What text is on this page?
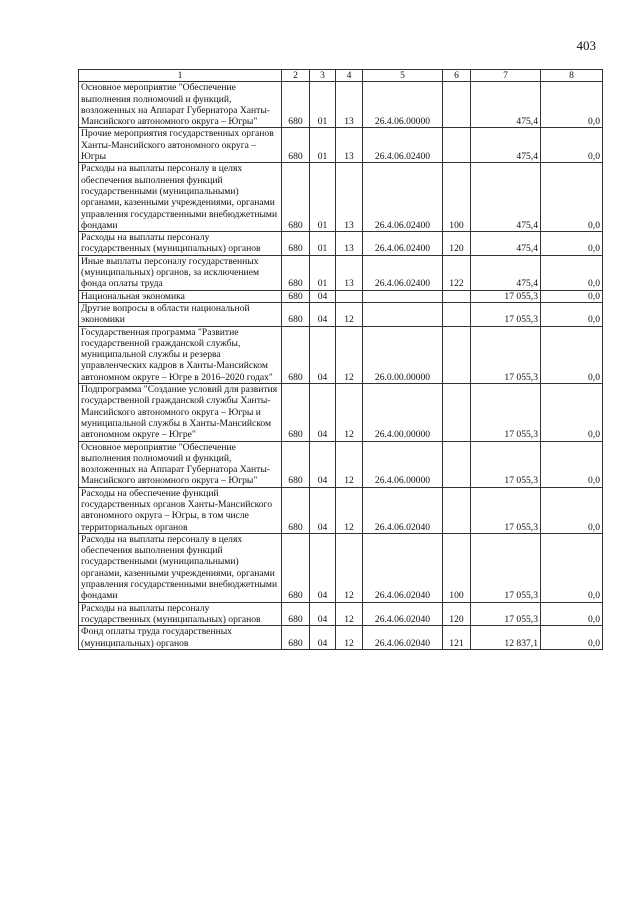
403
1	2	3	4	5	6	7	8
Основное мероприятие "Обеспечение выполнения полномочий и функций, возложенных на Аппарат Губернатора Ханты-Мансийского автономного округа – Югры"	680	01	13	26.4.06.00000		475,4	0,0
Прочие мероприятия государственных органов Ханты-Мансийского автономного округа – Югры	680	01	13	26.4.06.02400		475,4	0,0
Расходы на выплаты персоналу в целях обеспечения выполнения функций государственными (муниципальными) органами, казенными учреждениями, органами управления государственными внебюджетными фондами	680	01	13	26.4.06.02400	100	475,4	0,0
Расходы на выплаты персоналу государственных (муниципальных) органов	680	01	13	26.4.06.02400	120	475,4	0,0
Иные выплаты персоналу государственных (муниципальных) органов, за исключением фонда оплаты труда	680	01	13	26.4.06.02400	122	475,4	0,0
Национальная экономика	680	04				17 055,3	0,0
Другие вопросы в области национальной экономики	680	04	12			17 055,3	0,0
Государственная программа "Развитие государственной гражданской службы, муниципальной службы и резерва управленческих кадров в Ханты-Мансийском автономном округе – Югре в 2016–2020 годах"	680	04	12	26.0.00.00000		17 055,3	0,0
Подпрограмма "Создание условий для развития государственной гражданской службы Ханты-Мансийского автономного округа – Югры и муниципальной службы в Ханты-Мансийском автономном округе – Югре"	680	04	12	26.4.00.00000		17 055,3	0,0
Основное мероприятие "Обеспечение выполнения полномочий и функций, возложенных на Аппарат Губернатора Ханты-Мансийского автономного округа – Югры"	680	04	12	26.4.06.00000		17 055,3	0,0
Расходы на обеспечение функций государственных органов Ханты-Мансийского автономного округа – Югры, в том числе территориальных органов	680	04	12	26.4.06.02040		17 055,3	0,0
Расходы на выплаты персоналу в целях обеспечения выполнения функций государственными (муниципальными) органами, казенными учреждениями, органами управления государственными внебюджетными фондами	680	04	12	26.4.06.02040	100	17 055,3	0,0
Расходы на выплаты персоналу государственных (муниципальных) органов	680	04	12	26.4.06.02040	120	17 055,3	0,0
Фонд оплаты труда государственных (муниципальных) органов	680	04	12	26.4.06.02040	121	12 837,1	0,0
